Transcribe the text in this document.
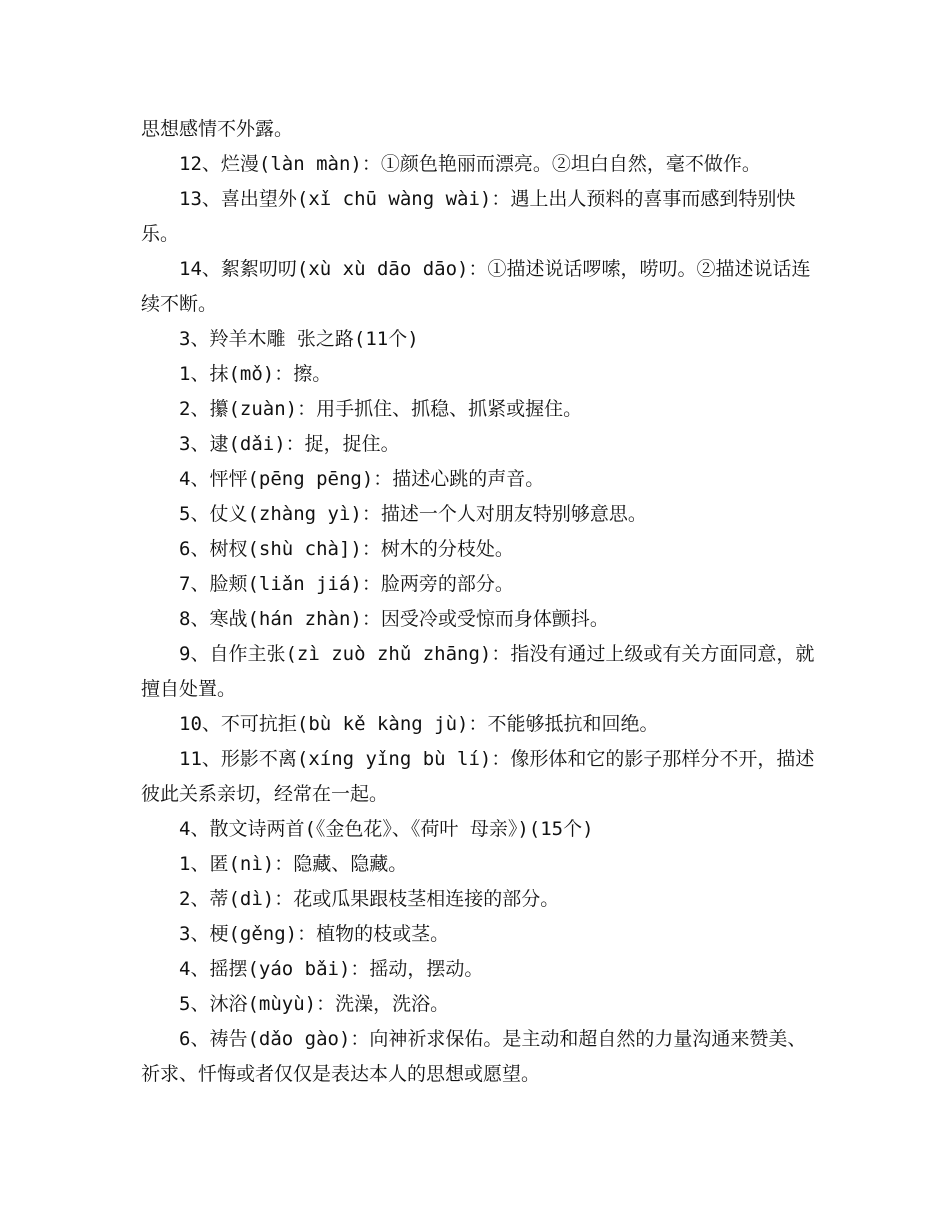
思想感情不外露。

12、烂漫(làn màn)：①颜色艳丽而漂亮。②坦白自然，毫不做作。

13、喜出望外(xǐ chū wàng wài)：遇上出人预料的喜事而感到特别快乐。

14、絮絮叨叨(xù xù dāo dāo)：①描述说话啰嗦，唠叨。②描述说话连续不断。

3、羚羊木雕 张之路(11个)

1、抹(mǒ)：擦。

2、攥(zuàn)：用手抓住、抓稳、抓紧或握住。

3、逮(dǎi)：捉，捉住。

4、怦怦(pēng pēng)：描述心跳的声音。

5、仗义(zhàng yì)：描述一个人对朋友特别够意思。

6、树杈(shù chà])：树木的分枝处。

7、脸颊(liǎn jiá)：脸两旁的部分。

8、寒战(hán zhàn)：因受冷或受惊而身体颤抖。

9、自作主张(zì zuò zhǔ zhāng)：指没有通过上级或有关方面同意，就擅自处置。

10、不可抗拒(bù kě kàng jù)：不能够抵抗和回绝。

11、形影不离(xíng yǐng bù lí)：像形体和它的影子那样分不开，描述彼此关系亲切，经常在一起。

4、散文诗两首(《金色花》、《荷叶 母亲》)(15个)

1、匿(nì)：隐藏、隐藏。

2、蒂(dì)：花或瓜果跟枝茎相连接的部分。

3、梗(gěng)：植物的枝或茎。

4、摇摆(yáo bǎi)：摇动，摆动。

5、沐浴(mùyù)：洗澡，洗浴。

6、祷告(dǎo gào)：向神祈求保佑。是主动和超自然的力量沟通来赞美、祈求、忏悔或者仅仅是表达本人的思想或愿望。
